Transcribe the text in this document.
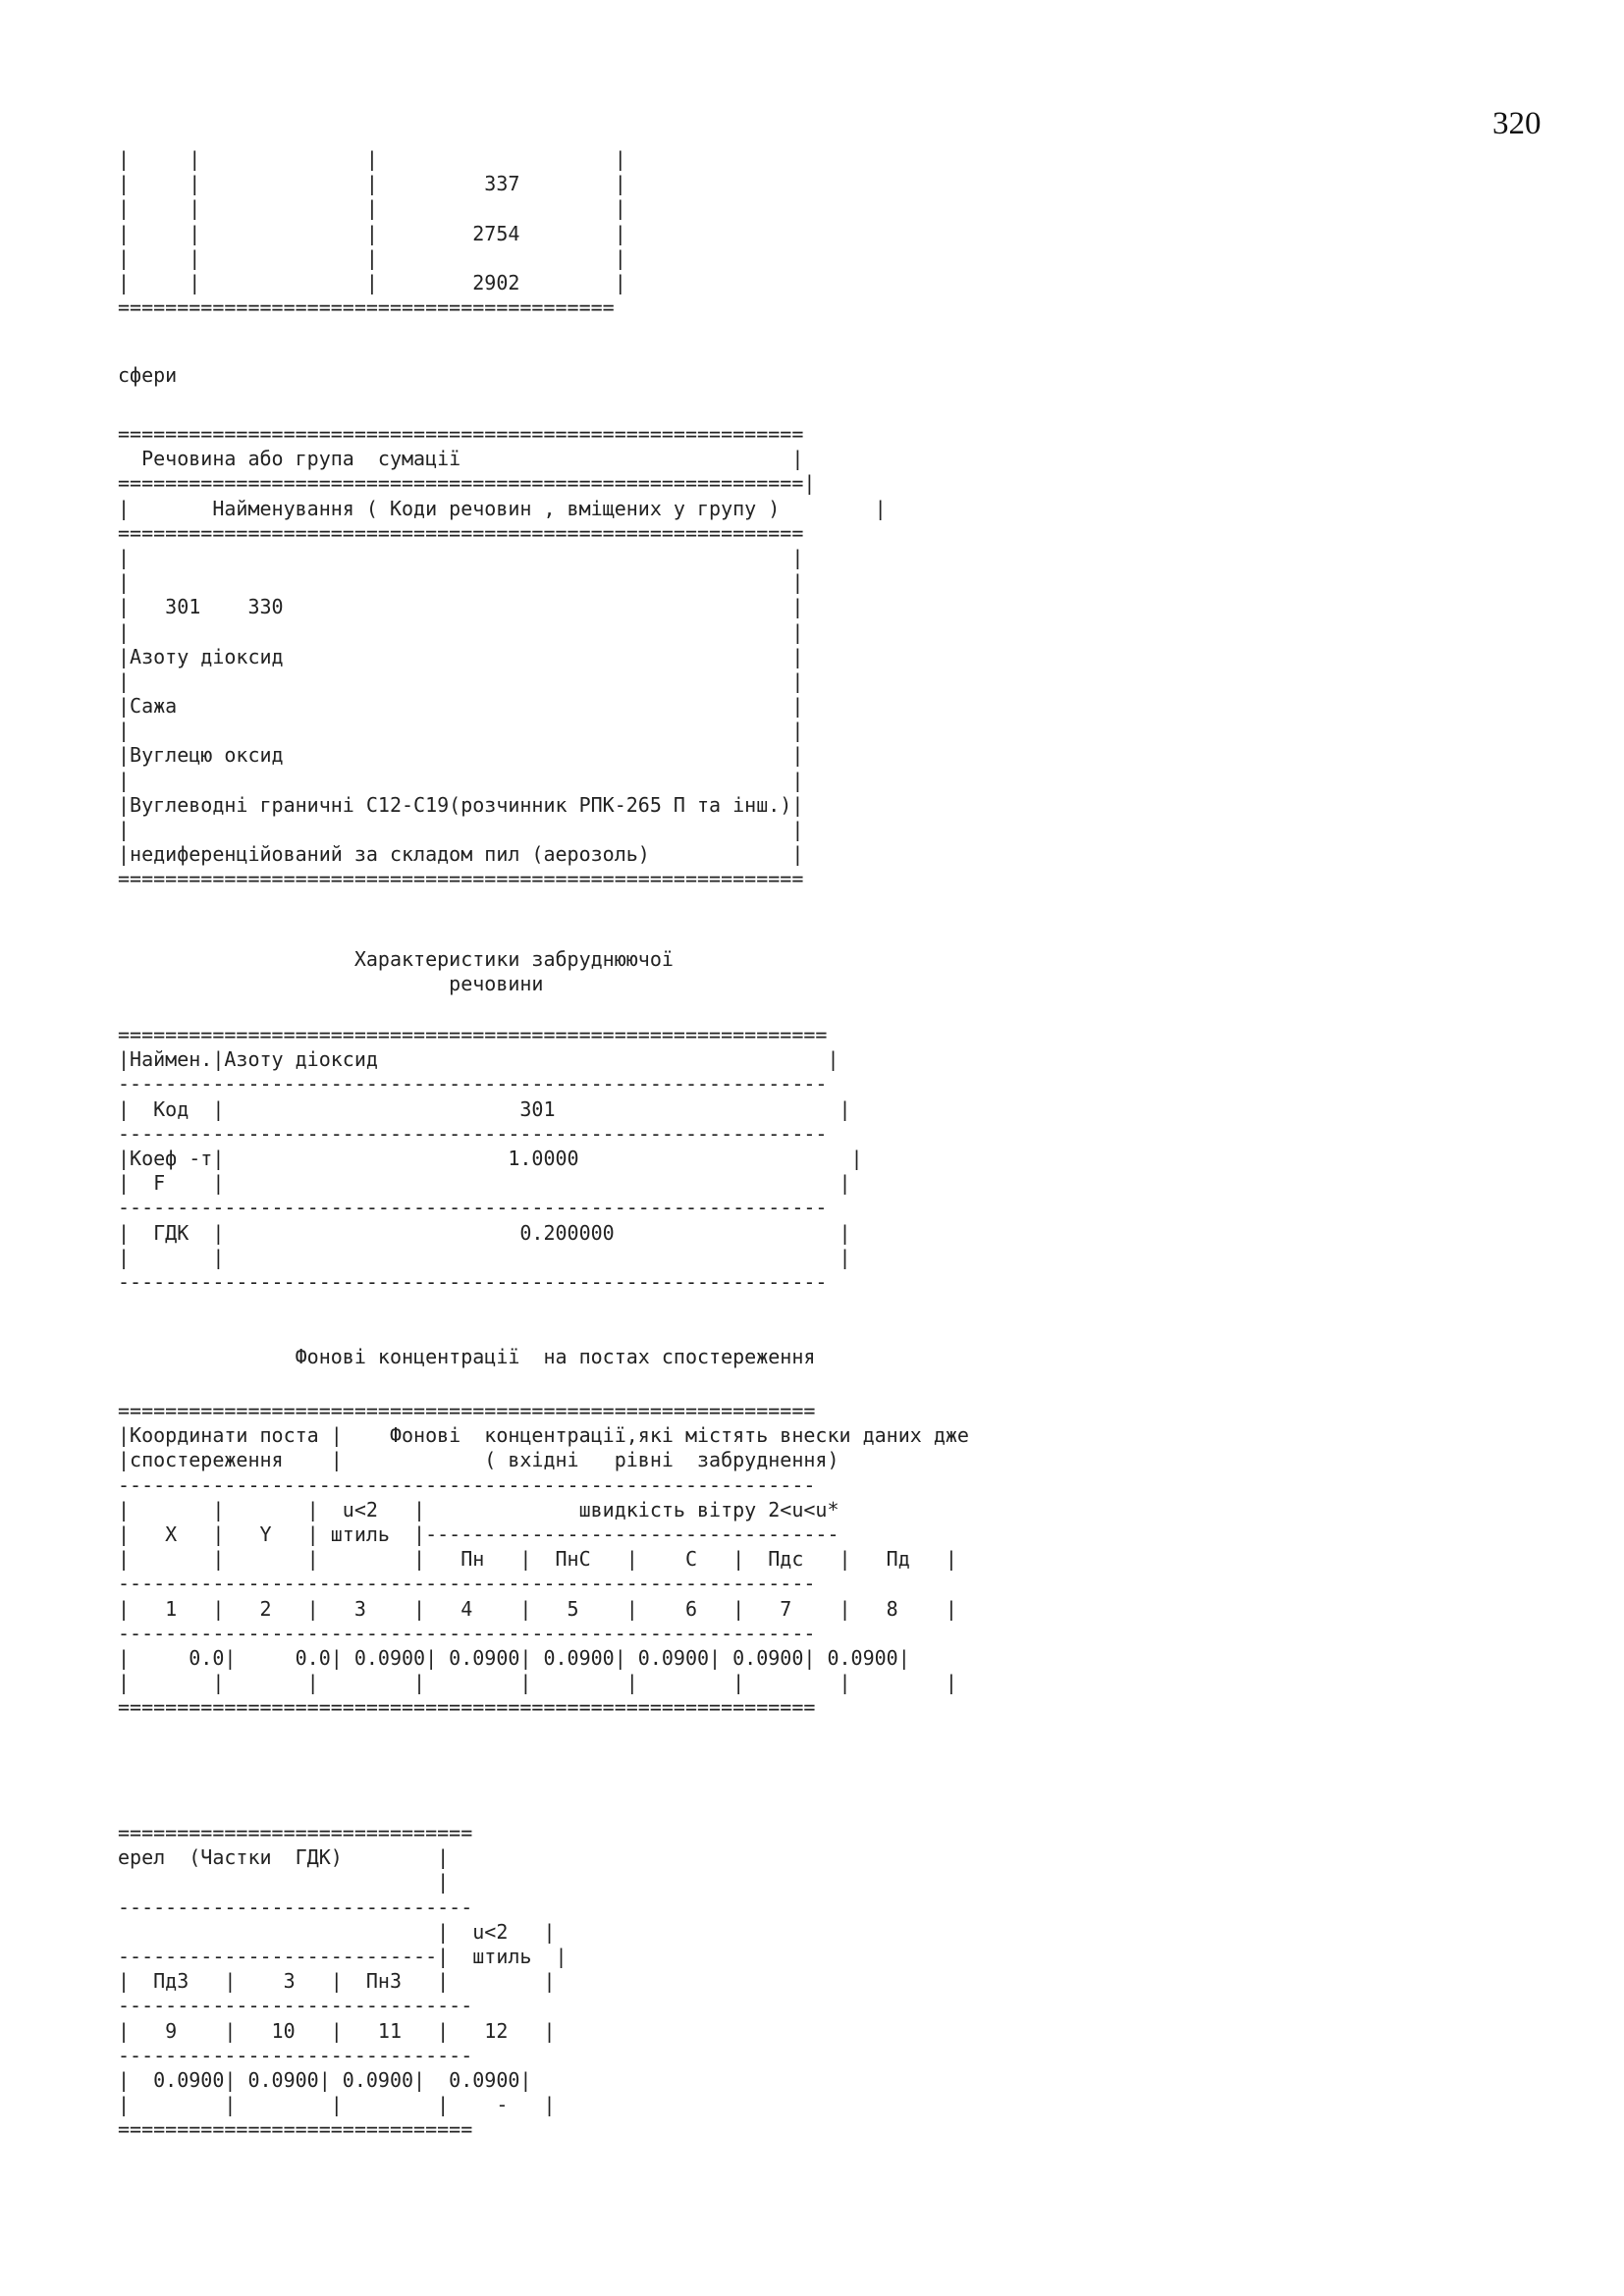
320
|     |              |                    |
|     |              |         337        |
|     |              |                    |
|     |              |        2754        |
|     |              |                    |
|     |              |        2902        |
==========================================
сфери
==========================================================
Речовина або група  сумації                            |
==========================================================|
|       Найменування ( Коди речовин , вміщених у групу )        |
==========================================================
|                                                        |
|                                                        |
|   301    330                                           |
|                                                        |
|Азоту діоксид                                           |
|                                                        |
|Сажа                                                    |
|                                                        |
|Вуглецю оксид                                           |
|                                                        |
|Вуглеводні граничні С12-С19(розчинник РПК-265 П та інш.)|
|                                                        |
|недиференційований за складом пил (аерозоль)            |
==========================================================
Характеристики забруднюючої
речовини
============================================================
|Наймен.|Азоту діоксид                                      |
------------------------------------------------------------
|  Код  |                         301                        |
------------------------------------------------------------
|Коеф -т|                        1.0000                       |
|  F    |                                                    |
------------------------------------------------------------
|  ГДК  |                         0.200000                   |
|       |                                                    |
------------------------------------------------------------
Фонові концентрації  на постах спостереження
===========================================================
|Координати поста |    Фонові  концентрації,які містять внески даних дже
|спостереження    |            ( вхідні   рівні  забруднення)
-----------------------------------------------------------
|       |       |  u<2   |             швидкість вітру 2<u<u*
|   X   |   Y   | штиль  |-----------------------------------
|       |       |        |   Пн   |  ПнС   |    С   |  Пдс   |   Пд   |
-----------------------------------------------------------
|   1   |   2   |   3    |   4    |   5    |    6   |   7    |   8    |
-----------------------------------------------------------
|     0.0|     0.0| 0.0900| 0.0900| 0.0900| 0.0900| 0.0900| 0.0900|
|       |       |        |        |        |        |        |        |
===========================================================
==============================
ерел  (Частки  ГДК)        |
|
------------------------------
|  u<2   |
---------------------------|  штиль  |
|  ПдЗ   |    З   |  ПнЗ   |        |
------------------------------
|   9    |   10   |   11   |   12   |
------------------------------
|  0.0900| 0.0900| 0.0900|  0.0900|
|        |        |        |    -   |
==============================
